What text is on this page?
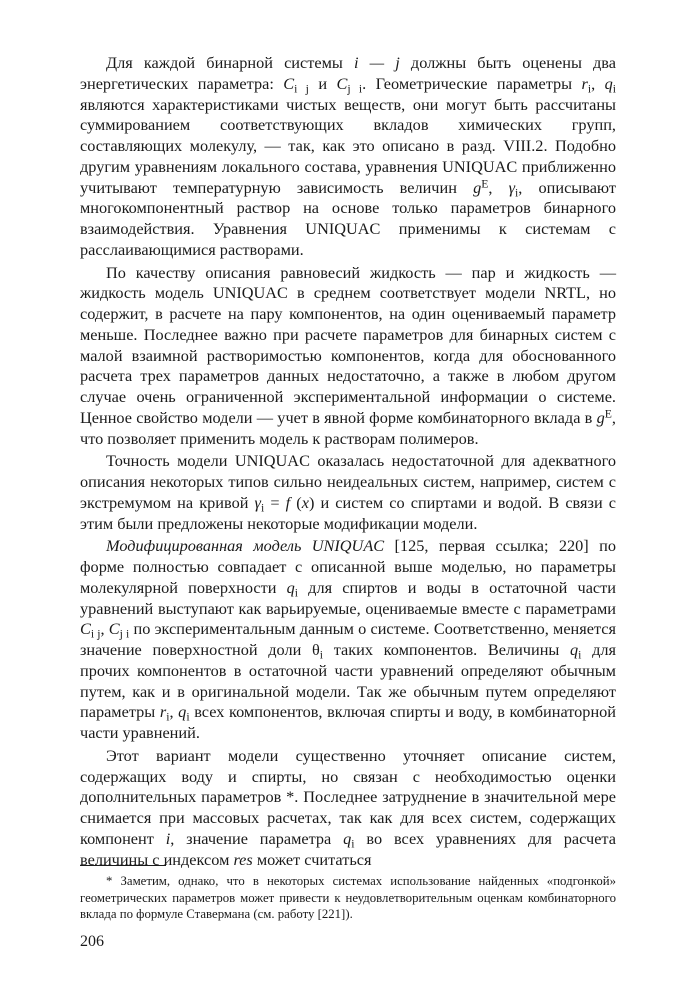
Для каждой бинарной системы i — j должны быть оценены два энергетических параметра: $C_{i j}$ и $C_{j i}$. Геометрические параметры $r_i$, $q_i$ являются характеристиками чистых веществ, они могут быть рассчитаны суммированием соответствующих вкладов химических групп, составляющих молекулу, — так, как это описано в разд. VIII.2. Подобно другим уравнениям локального состава, уравнения UNIQUAC приближенно учитывают температурную зависимость величин $g^E$, $\gamma_i$, описывают многокомпонентный раствор на основе только параметров бинарного взаимодействия. Уравнения UNIQUAC применимы к системам с расслаивающимися растворами.

По качеству описания равновесий жидкость — пар и жидкость — жидкость модель UNIQUAC в среднем соответствует модели NRTL, но содержит, в расчете на пару компонентов, на один оцениваемый параметр меньше. Последнее важно при расчете параметров для бинарных систем с малой взаимной растворимостью компонентов, когда для обоснованного расчета трех параметров данных недостаточно, а также в любом другом случае очень ограниченной экспериментальной информации о системе. Ценное свойство модели — учет в явной форме комбинаторного вклада в $g^E$, что позволяет применить модель к растворам полимеров.

Точность модели UNIQUAC оказалась недостаточной для адекватного описания некоторых типов сильно неидеальных систем, например, систем с экстремумом на кривой $\gamma_i = f$ (x) и систем со спиртами и водой. В связи с этим были предложены некоторые модификации модели.

Модифицированная модель UNIQUAC [125, первая ссылка; 220] по форме полностью совпадает с описанной выше моделью, но параметры молекулярной поверхности $q_i$ для спиртов и воды в остаточной части уравнений выступают как варьируемые, оцениваемые вместе с параметрами $C_{i j}$, $C_{j i}$ по экспериментальным данным о системе. Соответственно, меняется значение поверхностной доли $\theta_i$ таких компонентов. Величины $q_i$ для прочих компонентов в остаточной части уравнений определяют обычным путем, как и в оригинальной модели. Так же обычным путем определяют параметры $r_i$, $q_i$ всех компонентов, включая спирты и воду, в комбинаторной части уравнений.

Этот вариант модели существенно уточняет описание систем, содержащих воду и спирты, но связан с необходимостью оценки дополнительных параметров *. Последнее затруднение в значительной мере снимается при массовых расчетах, так как для всех систем, содержащих компонент i, значение параметра $q_i$ во всех уравнениях для расчета величины с индексом res может считаться

* Заметим, однако, что в некоторых системах использование найденных «подгонкой» геометрических параметров может привести к неудовлетворительным оценкам комбинаторного вклада по формуле Ставермана (см. работу [221]).

206
